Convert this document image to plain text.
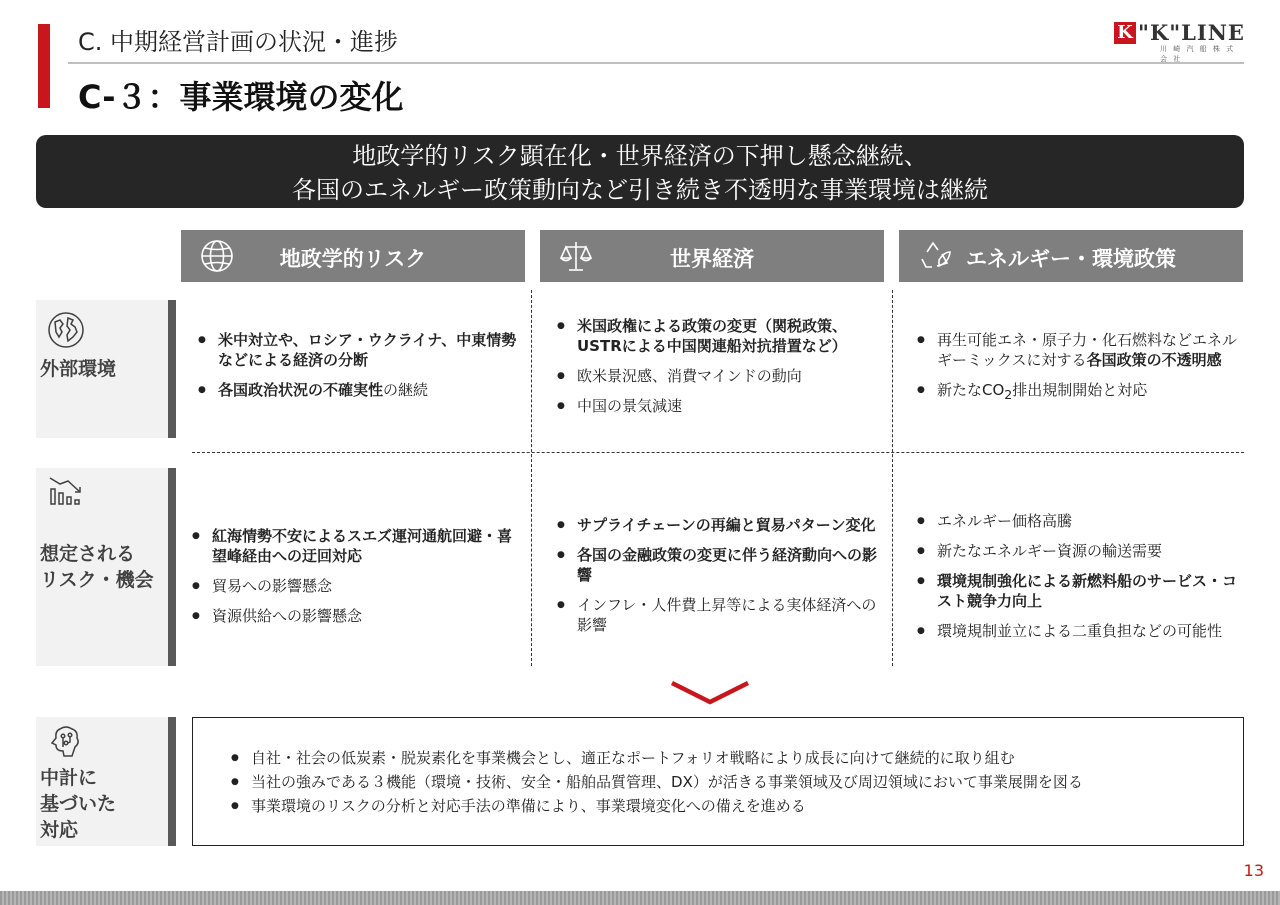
C. 中期経営計画の状況・進捗
C-３：事業環境の変化
K "K"LINE
川 崎 汽 船 株 式 会 社
地政学的リスク顕在化・世界経済の下押し懸念継続、
各国のエネルギー政策動向など引き続き不透明な事業環境は継続
地政学的リスク	世界経済	エネルギー・環境政策
外部環境
想定される
リスク・機会
中計に
基づいた
対応
● 米中対立や、ロシア・ウクライナ、中東情勢などによる経済の分断
● 各国政治状況の不確実性の継続
● 米国政権による政策の変更（関税政策、USTRによる中国関連船対抗措置など）
● 欧米景況感、消費マインドの動向
● 中国の景気減速
● 再生可能エネ・原子力・化石燃料などエネルギーミックスに対する各国政策の不透明感
● 新たな$CO_2$排出規制開始と対応
● 紅海情勢不安によるスエズ運河通航回避・喜望峰経由への迂回対応
● 貿易への影響懸念
● 資源供給への影響懸念
● サプライチェーンの再編と貿易パターン変化
● 各国の金融政策の変更に伴う経済動向への影響
● インフレ・人件費上昇等による実体経済への影響
● エネルギー価格高騰
● 新たなエネルギー資源の輸送需要
● 環境規制強化による新燃料船のサービス・コスト競争力向上
● 環境規制並立による二重負担などの可能性
● 自社・社会の低炭素・脱炭素化を事業機会とし、適正なポートフォリオ戦略により成長に向けて継続的に取り組む
● 当社の強みである３機能（環境・技術、安全・船舶品質管理、DX）が活きる事業領域及び周辺領域において事業展開を図る
● 事業環境のリスクの分析と対応手法の準備により、事業環境変化への備えを進める
13
